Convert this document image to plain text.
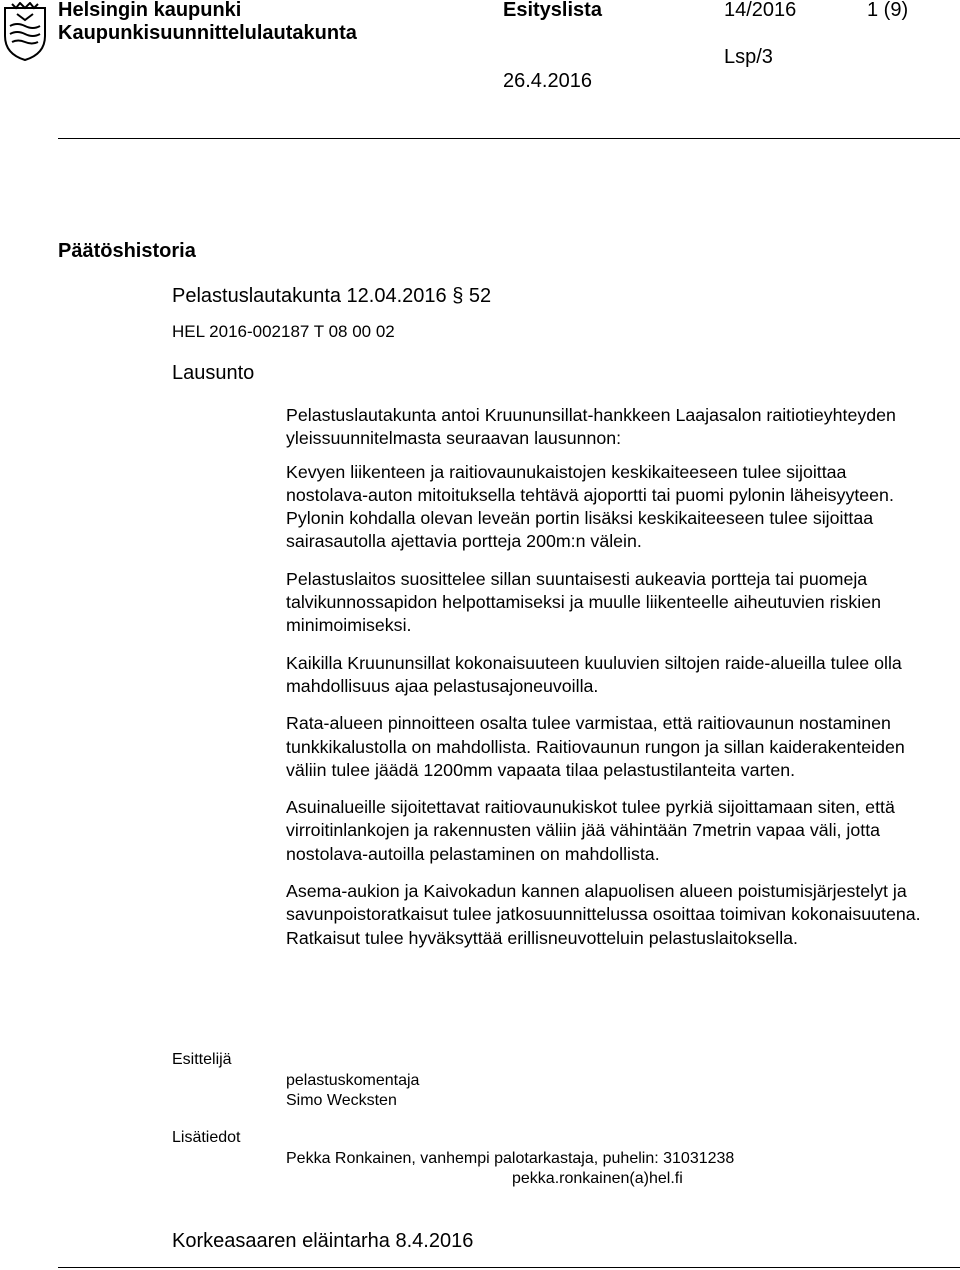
Helsingin kaupunki
Kaupunkisuunnittelulautakunta
Esityslista	14/2016	1 (9)
Lsp/3
26.4.2016
Päätöshistoria
Pelastuslautakunta 12.04.2016 § 52
HEL 2016-002187 T 08 00 02
Lausunto

Pelastuslautakunta antoi Kruununsillat-hankkeen Laajasalon raitiotieyhteyden yleissuunnitelmasta seuraavan lausunnon:

Kevyen liikenteen ja raitiovaunukaistojen keskikaiteeseen tulee sijoittaa nostolava-auton mitoituksella tehtävä ajoportti tai puomi pylonin läheisyyteen. Pylonin kohdalla olevan leveän portin lisäksi keskikaiteeseen tulee sijoittaa sairasautolla ajettavia portteja 200m:n välein.

Pelastuslaitos suosittelee sillan suuntaisesti aukeavia portteja tai puomeja talvikunnossapidon helpottamiseksi ja muulle liikenteelle aiheutuvien riskien minimoimiseksi.

Kaikilla Kruununsillat kokonaisuuteen kuuluvien siltojen raide-alueilla tulee olla mahdollisuus ajaa pelastusajoneuvoilla.

Rata-alueen pinnoitteen osalta tulee varmistaa, että raitiovaunun nostaminen tunkkikalustolla on mahdollista. Raitiovaunun rungon ja sillan kaiderakenteiden väliin tulee jäädä 1200mm vapaata tilaa pelastustilanteita varten.

Asuinalueille sijoitettavat raitiovaunukiskot tulee pyrkiä sijoittamaan siten, että virroitinlankojen ja rakennusten väliin jää vähintään 7metrin vapaa väli, jotta nostolava-autoilla pelastaminen on mahdollista.

Asema-aukion ja Kaivokadun kannen alapuolisen alueen poistumisjärjestelyt ja savunpoistoratkaisut tulee jatkosuunnittelussa osoittaa toimivan kokonaisuutena. Ratkaisut tulee hyväksyttää erillisneuvotteluin pelastuslaitoksella.

Esittelijä
pelastuskomentaja
Simo Wecksten
Lisätiedot
Pekka Ronkainen, vanhempi palotarkastaja, puhelin: 31031238
pekka.ronkainen(a)hel.fi
Korkeasaaren eläintarha 8.4.2016
